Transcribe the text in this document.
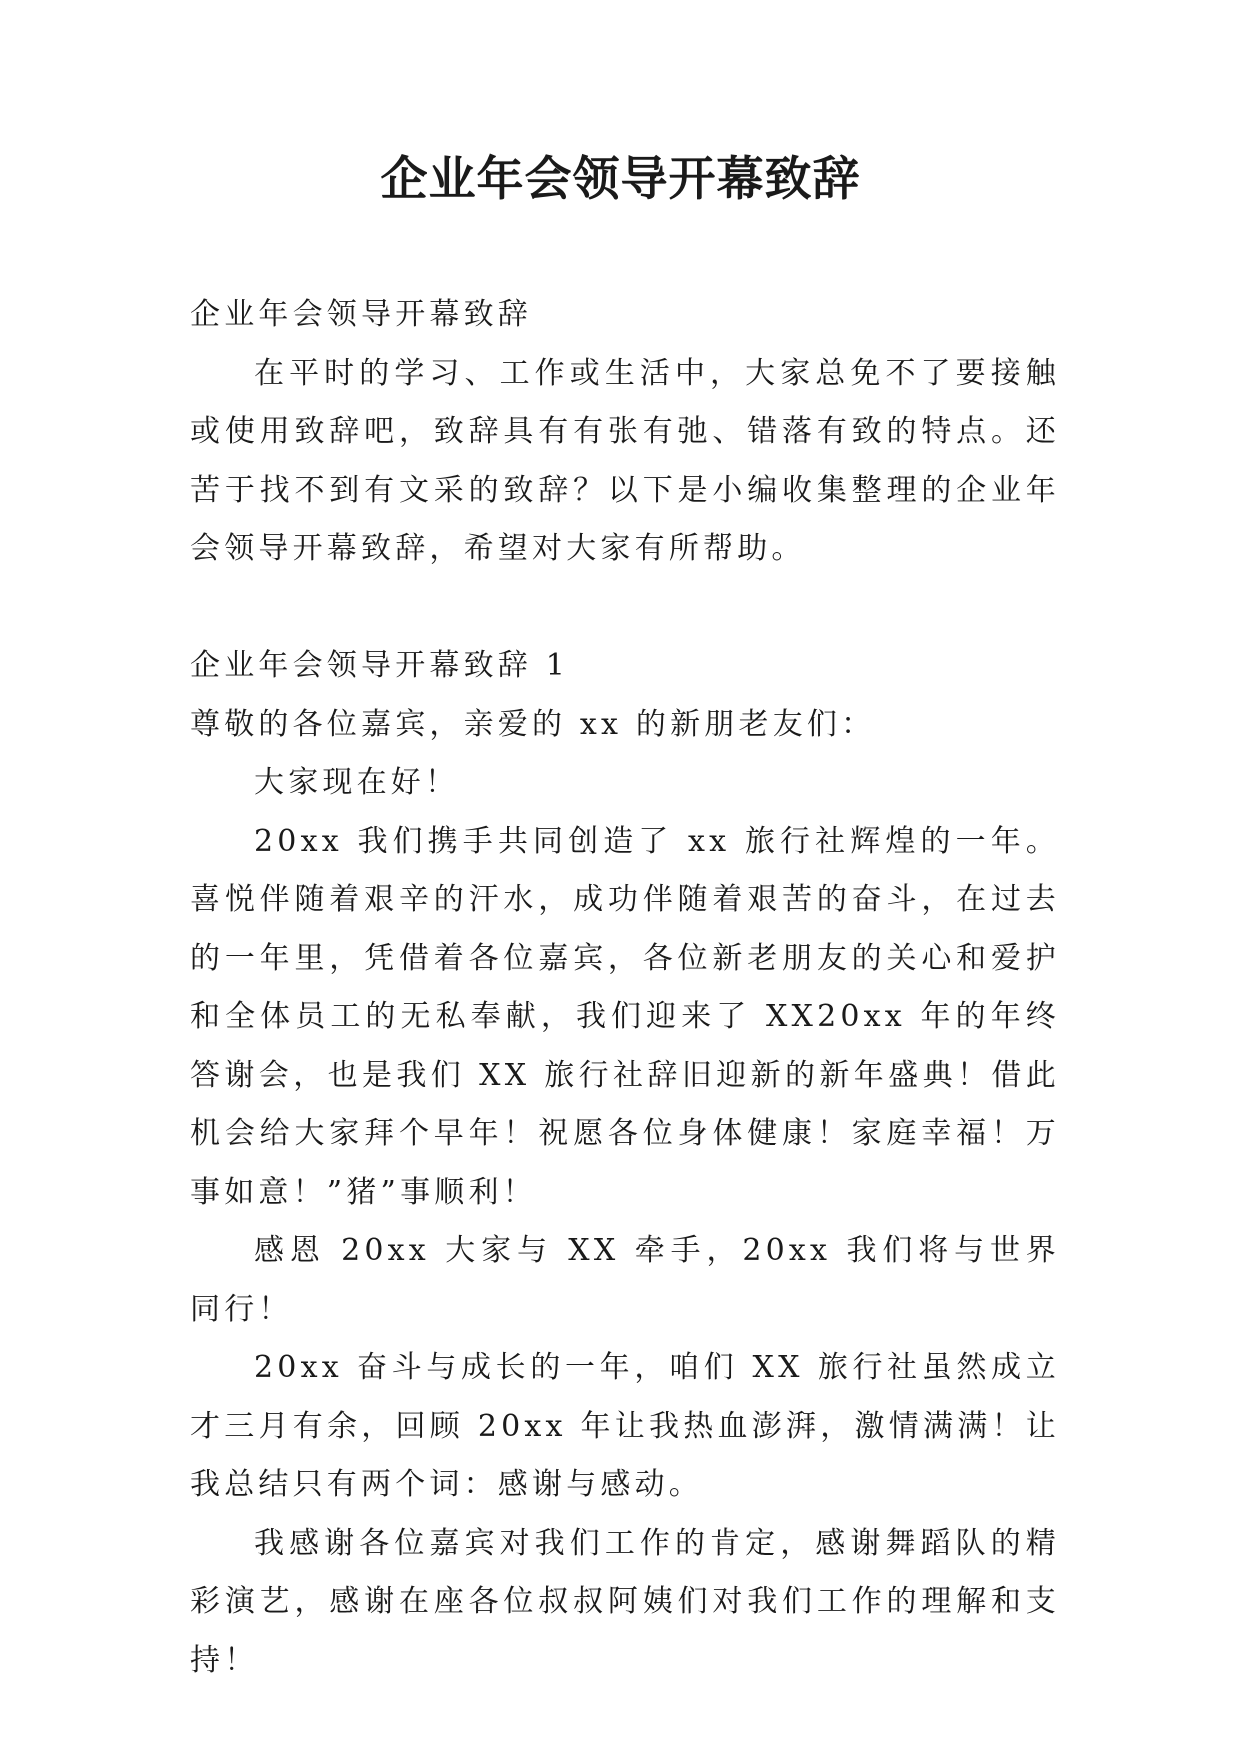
企业年会领导开幕致辞

企业年会领导开幕致辞

在平时的学习、工作或生活中，大家总免不了要接触或使用致辞吧，致辞具有有张有弛、错落有致的特点。还苦于找不到有文采的致辞？以下是小编收集整理的企业年会领导开幕致辞，希望对大家有所帮助。

企业年会领导开幕致辞 1

尊敬的各位嘉宾，亲爱的 xx 的新朋老友们：

大家现在好！

20xx 我们携手共同创造了 xx 旅行社辉煌的一年。喜悦伴随着艰辛的汗水，成功伴随着艰苦的奋斗，在过去的一年里，凭借着各位嘉宾，各位新老朋友的关心和爱护和全体员工的无私奉献，我们迎来了 XX20xx 年的年终答谢会，也是我们 XX 旅行社辞旧迎新的新年盛典！借此机会给大家拜个早年！祝愿各位身体健康！家庭幸福！万事如意！”猪”事顺利！

感恩 20xx 大家与 XX 牵手，20xx 我们将与世界同行！

20xx 奋斗与成长的一年，咱们 XX 旅行社虽然成立才三月有余，回顾 20xx 年让我热血澎湃，激情满满！让我总结只有两个词：感谢与感动。

我感谢各位嘉宾对我们工作的肯定，感谢舞蹈队的精彩演艺，感谢在座各位叔叔阿姨们对我们工作的理解和支持！
